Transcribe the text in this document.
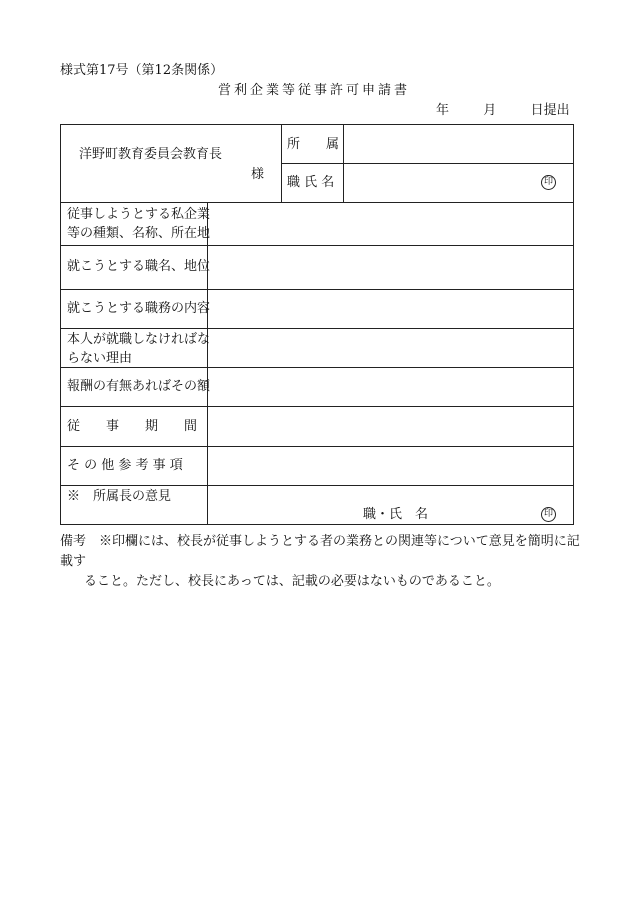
様式第17号（第12条関係）
営利企業等従事許可申請書
年	月	日提出
洋野町教育委員会教育長
様
所　　属
職 氏 名	印
従事しようとする私企業
等の種類、名称、所在地
就こうとする職名、地位
就こうとする職務の内容
本人が就職しなければな
らない理由
報酬の有無あればその額
従　　事　　期　　間
そ の 他 参 考 事 項
※　所属長の意見
職・氏　名	印
備考　※印欄には、校長が従事しようとする者の業務との関連等について意見を簡明に記載す
ること。ただし、校長にあっては、記載の必要はないものであること。
